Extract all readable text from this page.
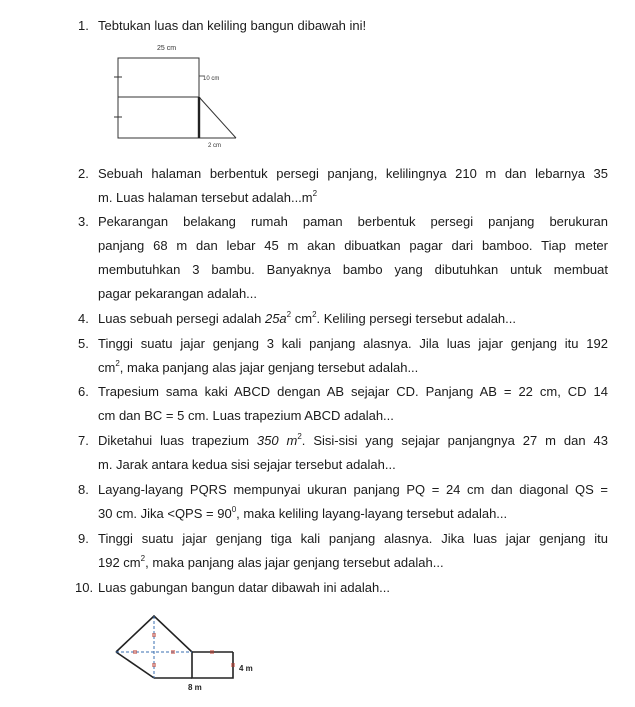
1. Tebtukan luas dan keliling bangun dibawah ini!
25 cm
10 cm
2 cm
2. Sebuah halaman berbentuk persegi panjang, kelilingnya 210 m dan lebarnya 35
m. Luas halaman tersebut $adalah...m^2$
3. Pekarangan belakang rumah paman berbentuk persegi panjang berukuran
panjang 68 m dan lebar 45 m akan dibuatkan pagar dari bamboo. Tiap meter
membutuhkan 3 bambu. Banyaknya bambo yang dibutuhkan untuk membuat
pagar pekarangan adalah...
4. Luas sebuah persegi adalah $25a^2$ $cm^2$. Keliling persegi tersebut adalah...
5. Tinggi suatu jajar genjang 3 kali panjang alasnya. Jila luas jajar genjang itu 192
$cm^2$, maka panjang alas jajar genjang tersebut adalah...
6. Trapesium sama kaki ABCD dengan AB sejajar CD. Panjang AB = 22 cm, CD 14
cm dan BC = 5 cm. Luas trapezium ABCD adalah...
7. Diketahui luas trapezium 350 $m^2$. Sisi-sisi yang sejajar panjangnya 27 m dan 43
m. Jarak antara kedua sisi sejajar tersebut adalah...
8. Layang-layang PQRS mempunyai ukuran panjang PQ = 24 cm dan diagonal QS =
30 cm. Jika $<QPS = 90^0$, maka keliling layang-layang tersebut adalah...
9. Tinggi suatu jajar genjang tiga kali panjang alasnya. Jika luas jajar genjang itu
192 $cm^2$, maka panjang alas jajar genjang tersebut adalah...
10. Luas gabungan bangun datar dibawah ini adalah...
4 m
8 m
